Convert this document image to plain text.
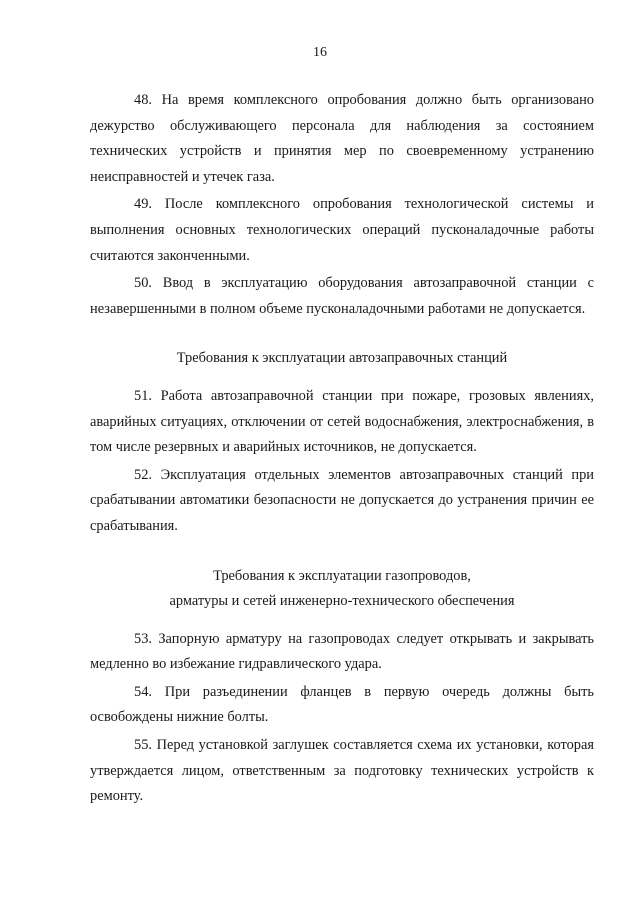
16

48. На время комплексного опробования должно быть организовано дежурство обслуживающего персонала для наблюдения за состоянием технических устройств и принятия мер по своевременному устранению неисправностей и утечек газа.

49. После комплексного опробования технологической системы и выполнения основных технологических операций пусконаладочные работы считаются законченными.

50. Ввод в эксплуатацию оборудования автозаправочной станции с незавершенными в полном объеме пусконаладочными работами не допускается.

Требования к эксплуатации автозаправочных станций

51. Работа автозаправочной станции при пожаре, грозовых явлениях, аварийных ситуациях, отключении от сетей водоснабжения, электроснабжения, в том числе резервных и аварийных источников, не допускается.

52. Эксплуатация отдельных элементов автозаправочных станций при срабатывании автоматики безопасности не допускается до устранения причин ее срабатывания.

Требования к эксплуатации газопроводов,
арматуры и сетей инженерно-технического обеспечения

53. Запорную арматуру на газопроводах следует открывать и закрывать медленно во избежание гидравлического удара.

54. При разъединении фланцев в первую очередь должны быть освобождены нижние болты.

55. Перед установкой заглушек составляется схема их установки, которая утверждается лицом, ответственным за подготовку технических устройств к ремонту.
